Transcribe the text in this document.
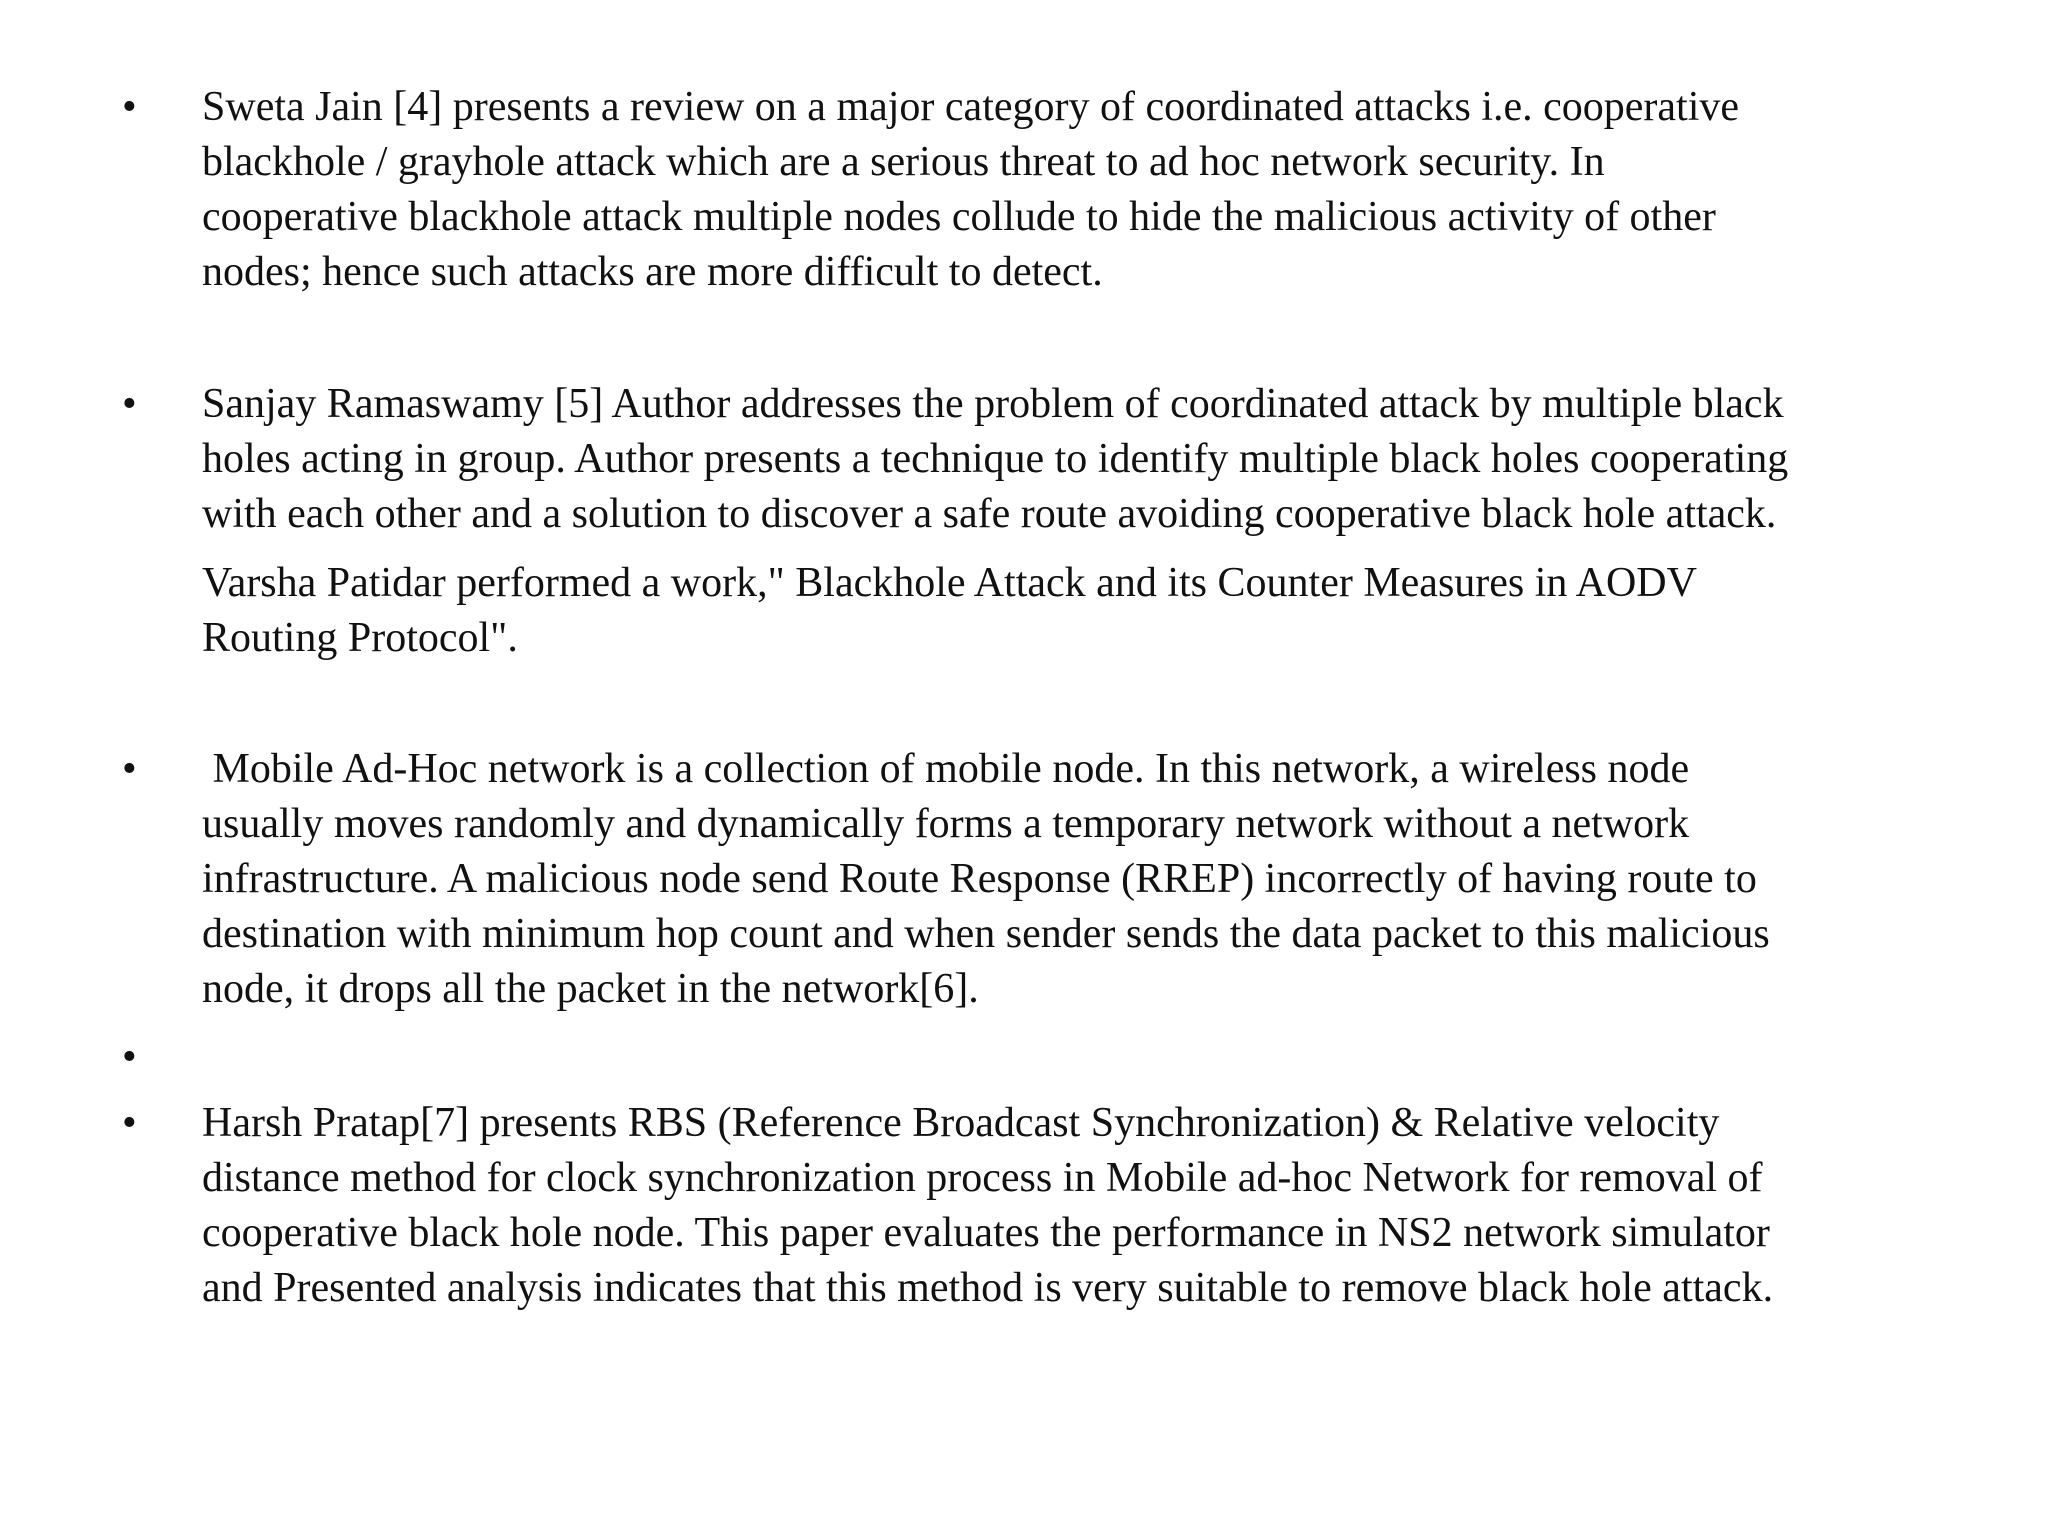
• Sweta Jain [4] presents a review on a major category of coordinated attacks i.e. cooperative
blackhole / grayhole attack which are a serious threat to ad hoc network security. In
cooperative blackhole attack multiple nodes collude to hide the malicious activity of other
nodes; hence such attacks are more difficult to detect.
• Sanjay Ramaswamy [5] Author addresses the problem of coordinated attack by multiple black
holes acting in group. Author presents a technique to identify multiple black holes cooperating
with each other and a solution to discover a safe route avoiding cooperative black hole attack.
Varsha Patidar performed a work," Blackhole Attack and its Counter Measures in AODV
Routing Protocol".
• Mobile Ad-Hoc network is a collection of mobile node. In this network, a wireless node
usually moves randomly and dynamically forms a temporary network without a network
infrastructure. A malicious node send Route Response (RREP) incorrectly of having route to
destination with minimum hop count and when sender sends the data packet to this malicious
node, it drops all the packet in the network[6].
•
• Harsh Pratap[7] presents RBS (Reference Broadcast Synchronization) & Relative velocity
distance method for clock synchronization process in Mobile ad-hoc Network for removal of
cooperative black hole node. This paper evaluates the performance in NS2 network simulator
and Presented analysis indicates that this method is very suitable to remove black hole attack.
